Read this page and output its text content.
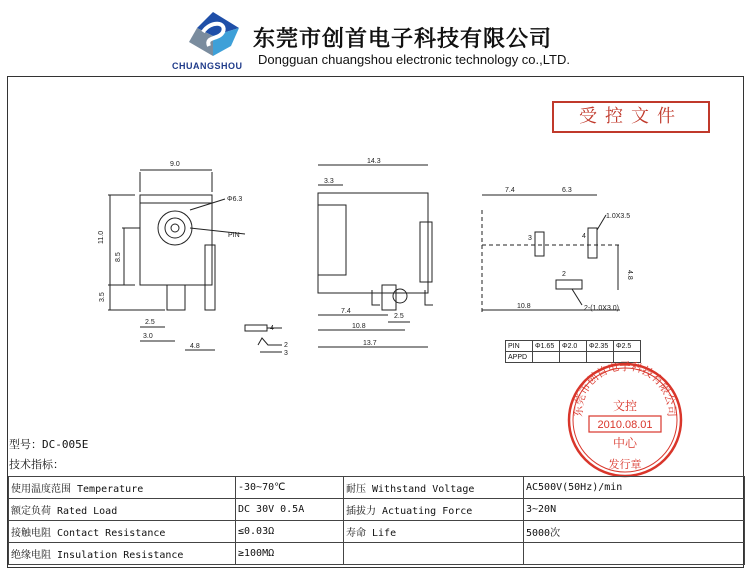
CHUANGSHOU
东莞市创首电子科技有限公司
Dongguan chuangshou electronic technology co.,LTD.
受控文件
9.0
Φ6.3
PIN
11.0
8.5
3.5
2.5
3.0
4.8
14.3
3.3
7.4
10.8
13.7
2.5
4
2
3
7.4	6.3
1.0X3.5
3	4
4.8
2
10.8	2-(1.0X3.0)
PIN	Φ1.65	Φ2.0	Φ2.35	Φ2.5
APPD				
东莞市创首电子科技有限公司
文控
2010.08.01
中心
发行章
型号：DC-005E
技术指标：
使用温度范围 Temperature	-30~70℃	耐压 Withstand Voltage	AC500V(50Hz)/min
额定负荷 Rated Load	DC 30V 0.5A	插拔力 Actuating Force	3~20N
接触电阻 Contact Resistance	≤0.03Ω	寿命 Life	5000次
绝缘电阻 Insulation Resistance	≥100MΩ		
